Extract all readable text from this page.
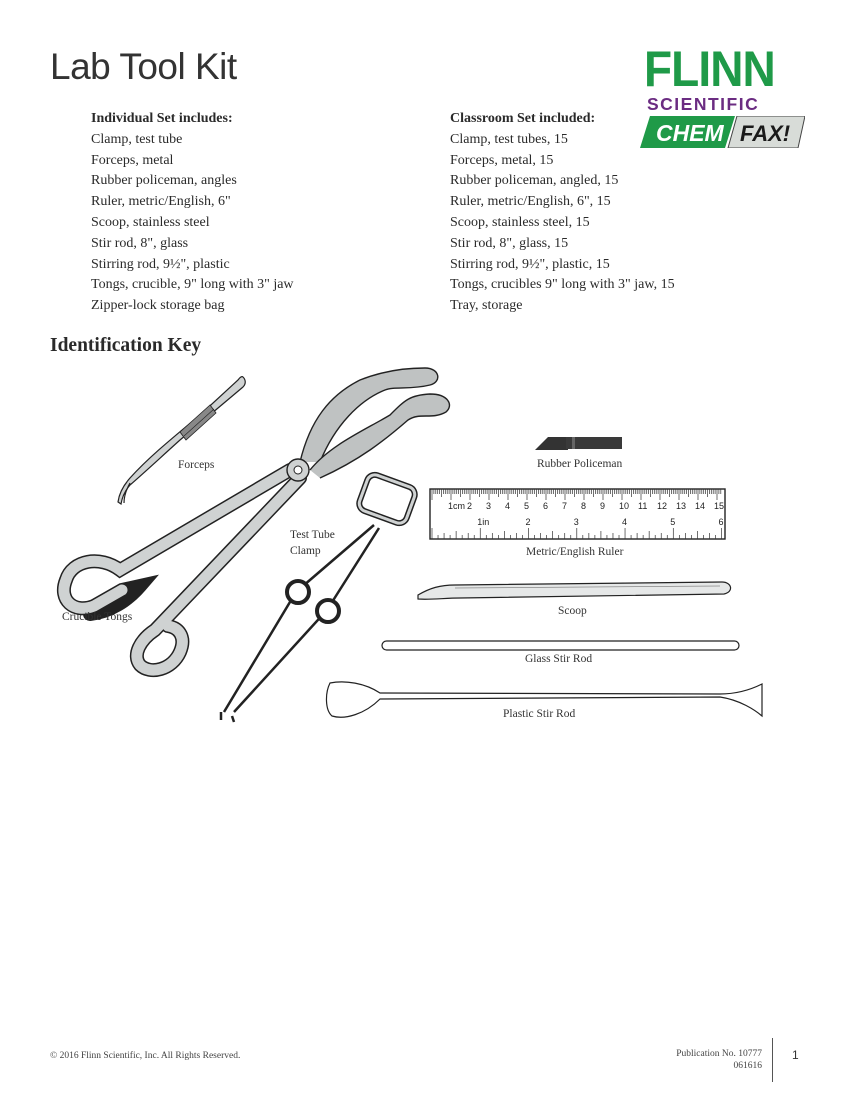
Lab Tool Kit	FLINN
SCIENTIFIC
CHEM FAX!
Individual Set includes:
Clamp, test tube
Forceps, metal
Rubber policeman, angles
Ruler, metric/English, 6"
Scoop, stainless steel
Stir rod, 8", glass
Stirring rod, 9½", plastic
Tongs, crucible, 9" long with 3" jaw
Zipper-lock storage bag
Classroom Set included:
Clamp, test tubes, 15
Forceps, metal, 15
Rubber policeman, angled, 15
Ruler, metric/English, 6", 15
Scoop, stainless steel, 15
Stir rod, 8", glass, 15
Stirring rod, 9½", plastic, 15
Tongs, crucibles 9" long with 3" jaw, 15
Tray, storage
Identification Key
1cm 2 3 4 5 6 7 8 9 10 11 12 13 14 15
1in	2	3	4	5	6
Forceps	Rubber Policeman
Metric/English Ruler
Test Tube
Clamp
Crucible Tongs	Scoop
Glass Stir Rod
Plastic Stir Rod
© 2016 Flinn Scientific, Inc. All Rights Reserved.	Publication No. 10777
061616
1
